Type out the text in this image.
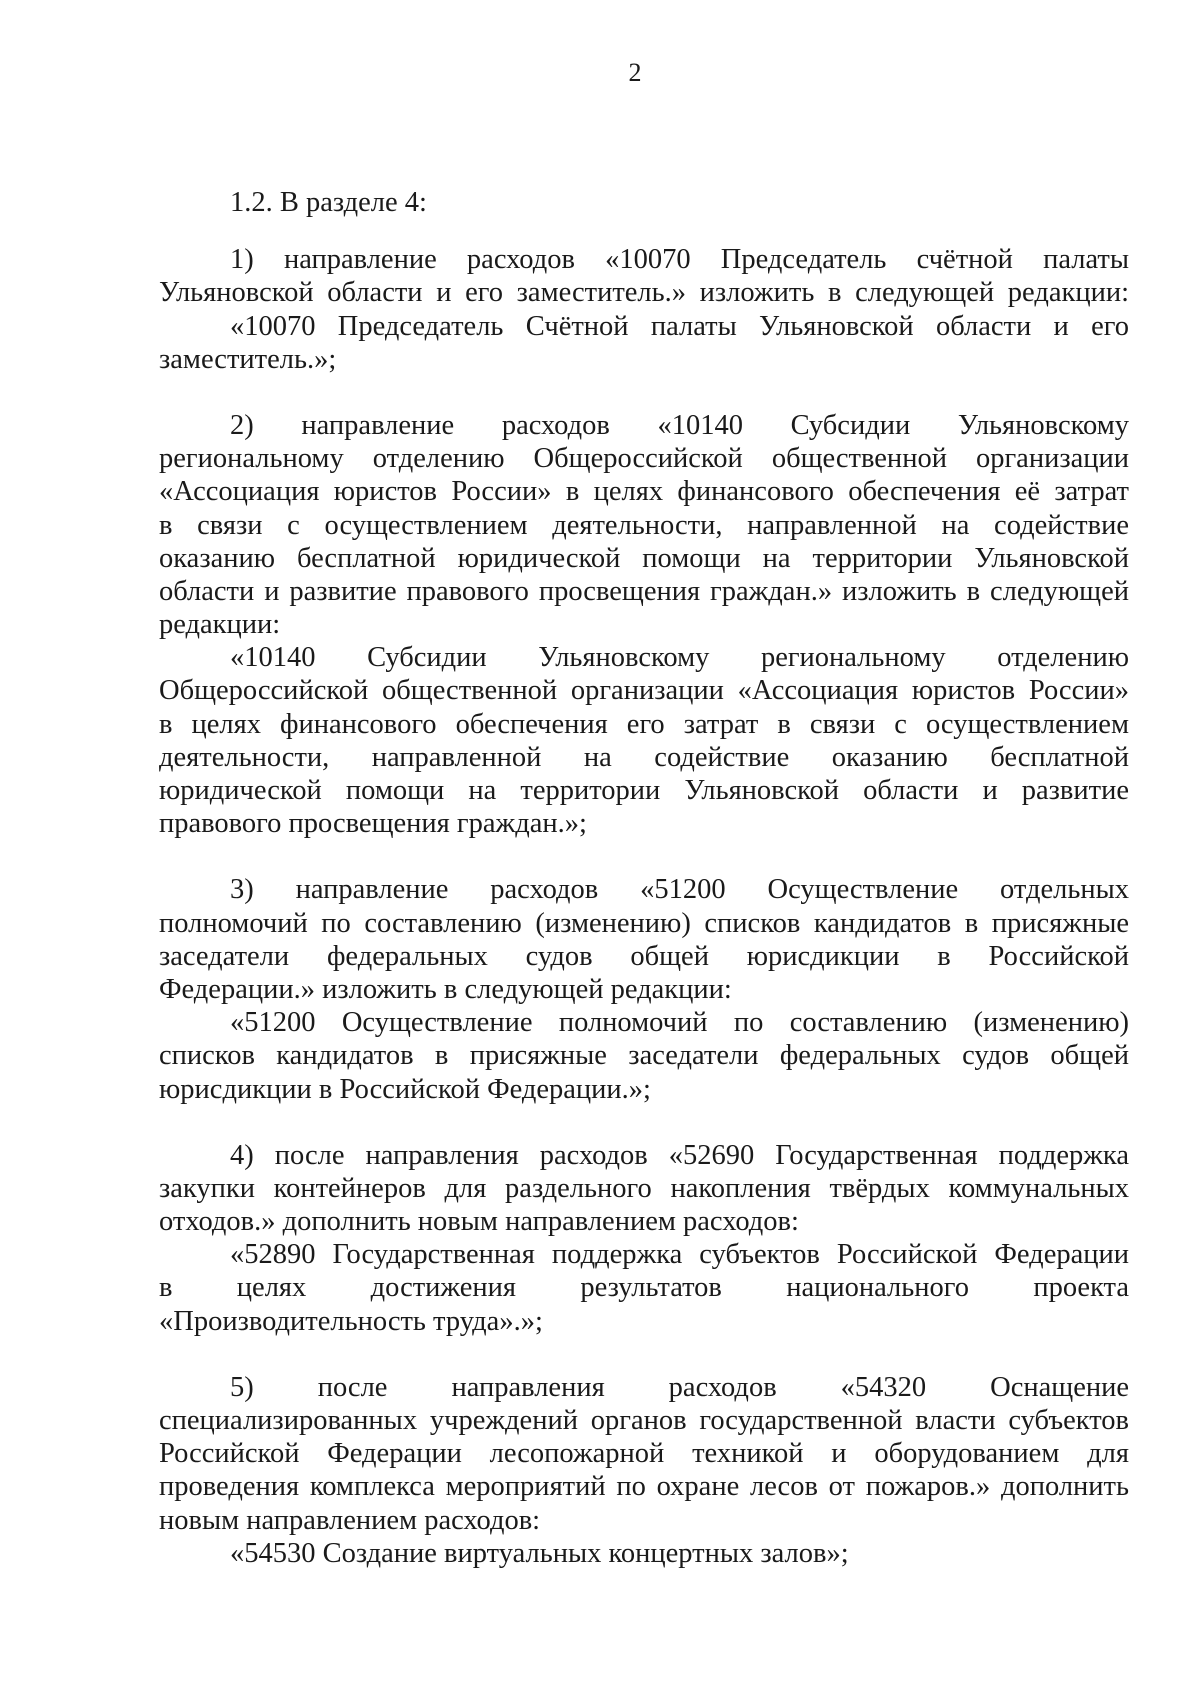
2
1.2. В разделе 4:
1) направление расходов «10070 Председатель счётной палаты
Ульяновской области и его заместитель.» изложить в следующей редакции:
«10070 Председатель Счётной палаты Ульяновской области и его
заместитель.»;
2) направление расходов «10140 Субсидии Ульяновскому
региональному отделению Общероссийской общественной организации
«Ассоциация юристов России» в целях финансового обеспечения её затрат
в связи с осуществлением деятельности, направленной на содействие
оказанию бесплатной юридической помощи на территории Ульяновской
области и развитие правового просвещения граждан.» изложить в следующей
редакции:
«10140 Субсидии Ульяновскому региональному отделению
Общероссийской общественной организации «Ассоциация юристов России»
в целях финансового обеспечения его затрат в связи с осуществлением
деятельности, направленной на содействие оказанию бесплатной
юридической помощи на территории Ульяновской области и развитие
правового просвещения граждан.»;
3) направление расходов «51200 Осуществление отдельных
полномочий по составлению (изменению) списков кандидатов в присяжные
заседатели федеральных судов общей юрисдикции в Российской
Федерации.» изложить в следующей редакции:
«51200 Осуществление полномочий по составлению (изменению)
списков кандидатов в присяжные заседатели федеральных судов общей
юрисдикции в Российской Федерации.»;
4) после направления расходов «52690 Государственная поддержка
закупки контейнеров для раздельного накопления твёрдых коммунальных
отходов.» дополнить новым направлением расходов:
«52890 Государственная поддержка субъектов Российской Федерации
в целях достижения результатов национального проекта
«Производительность труда».»;
5) после направления расходов «54320 Оснащение
специализированных учреждений органов государственной власти субъектов
Российской Федерации лесопожарной техникой и оборудованием для
проведения комплекса мероприятий по охране лесов от пожаров.» дополнить
новым направлением расходов:
«54530 Создание виртуальных концертных залов»;
